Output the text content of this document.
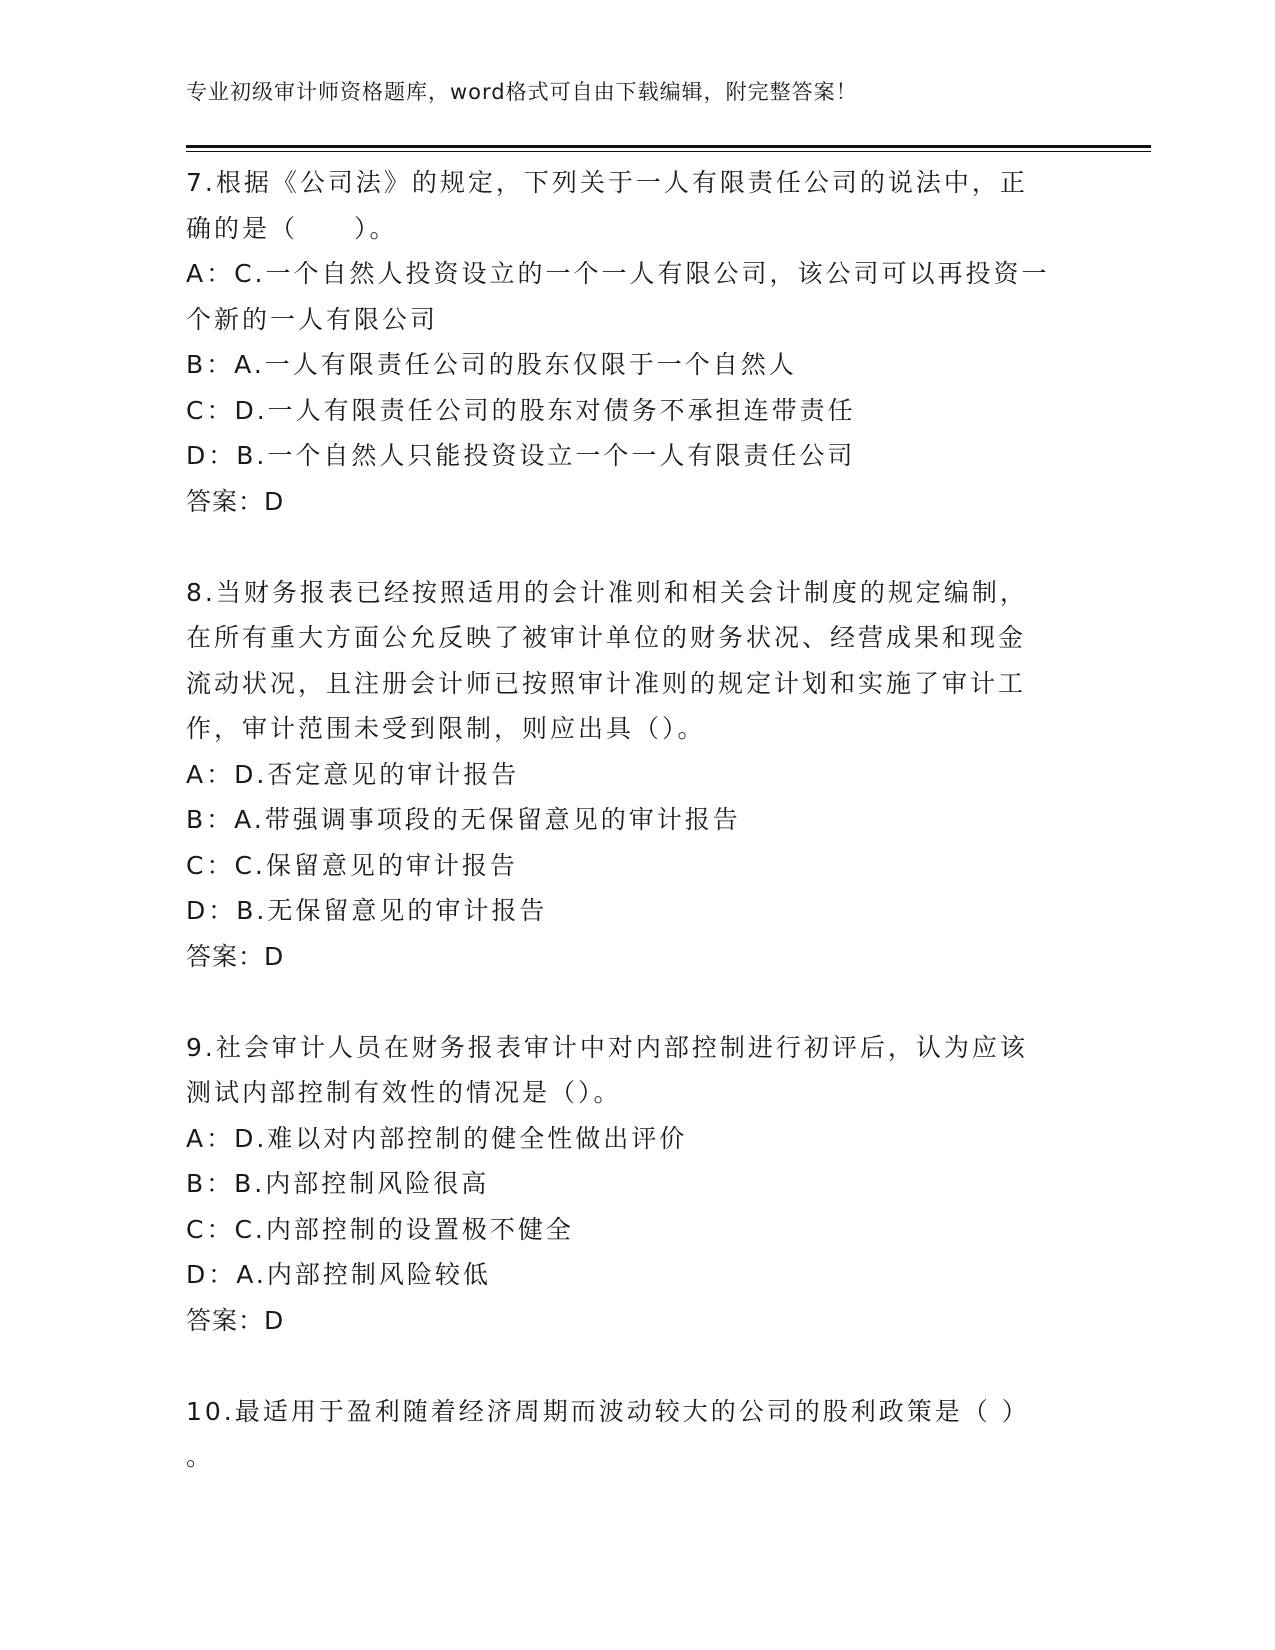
专业初级审计师资格题库，word格式可自由下载编辑，附完整答案！
7.根据《公司法》的规定，下列关于一人有限责任公司的说法中，正
确的是（　　）。
A：C.一个自然人投资设立的一个一人有限公司，该公司可以再投资一
个新的一人有限公司
B：A.一人有限责任公司的股东仅限于一个自然人
C：D.一人有限责任公司的股东对债务不承担连带责任
D：B.一个自然人只能投资设立一个一人有限责任公司
答案：D
8.当财务报表已经按照适用的会计准则和相关会计制度的规定编制，
在所有重大方面公允反映了被审计单位的财务状况、经营成果和现金
流动状况，且注册会计师已按照审计准则的规定计划和实施了审计工
作，审计范围未受到限制，则应出具（）。
A：D.否定意见的审计报告
B：A.带强调事项段的无保留意见的审计报告
C：C.保留意见的审计报告
D：B.无保留意见的审计报告
答案：D
9.社会审计人员在财务报表审计中对内部控制进行初评后，认为应该
测试内部控制有效性的情况是（）。
A：D.难以对内部控制的健全性做出评价
B：B.内部控制风险很高
C：C.内部控制的设置极不健全
D：A.内部控制风险较低
答案：D
10.最适用于盈利随着经济周期而波动较大的公司的股利政策是（ ）
。
